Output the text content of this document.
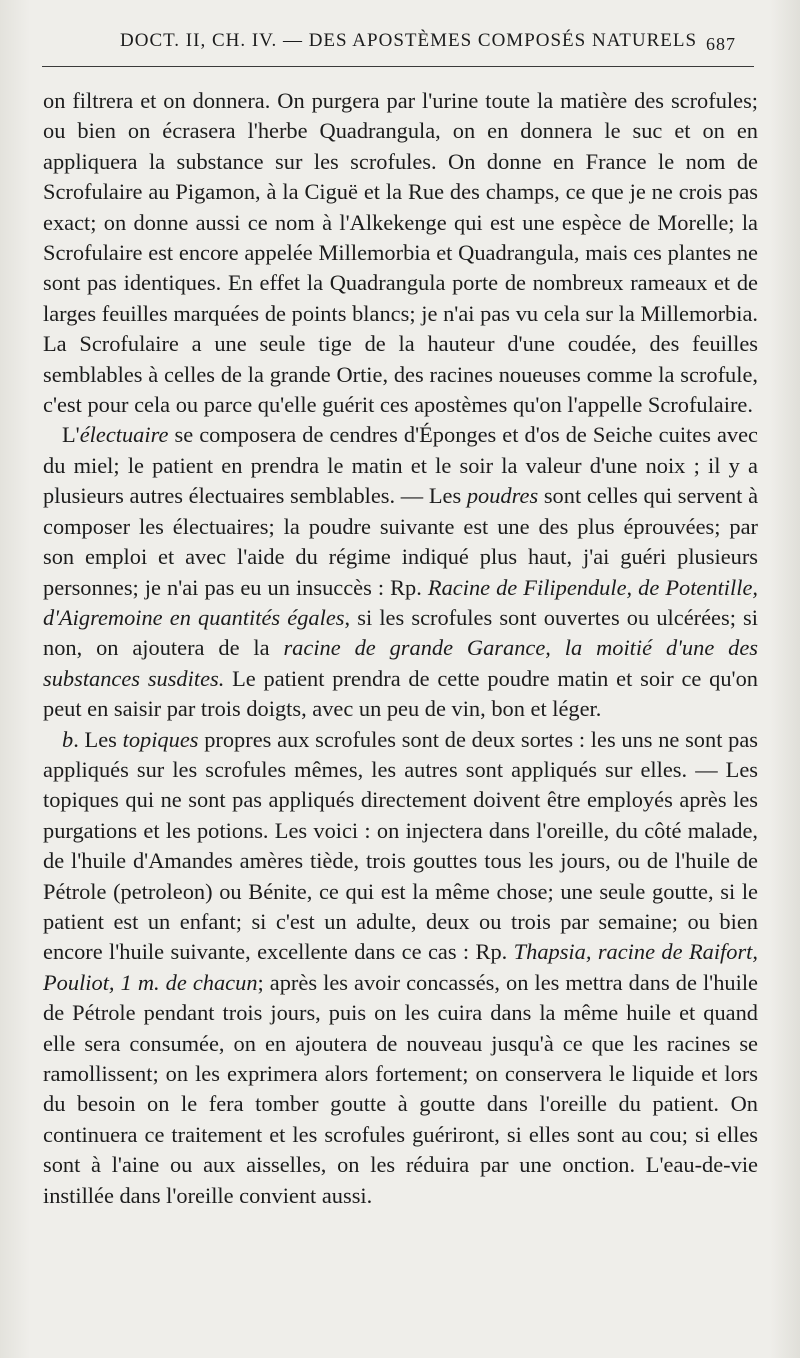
DOCT. II, CH. IV. — DES APOSTÈMES COMPOSÉS NATURELS 687

on filtrera et on donnera. On purgera par l'urine toute la matière des scrofules; ou bien on écrasera l'herbe Quadrangula, on en donnera le suc et on en appliquera la substance sur les scrofules. On donne en France le nom de Scrofulaire au Pigamon, à la Ciguë et la Rue des champs, ce que je ne crois pas exact; on donne aussi ce nom à l'Alkekenge qui est une espèce de Morelle; la Scrofulaire est encore appelée Millemorbia et Quadrangula, mais ces plantes ne sont pas identiques. En effet la Quadrangula porte de nombreux rameaux et de larges feuilles marquées de points blancs; je n'ai pas vu cela sur la Millemorbia. La Scrofulaire a une seule tige de la hauteur d'une coudée, des feuilles semblables à celles de la grande Ortie, des racines noueuses comme la scrofule, c'est pour cela ou parce qu'elle guérit ces apostèmes qu'on l'appelle Scrofulaire.

L'électuaire se composera de cendres d'Éponges et d'os de Seiche cuites avec du miel; le patient en prendra le matin et le soir la valeur d'une noix ; il y a plusieurs autres électuaires semblables. — Les poudres sont celles qui servent à composer les électuaires; la poudre suivante est une des plus éprouvées; par son emploi et avec l'aide du régime indiqué plus haut, j'ai guéri plusieurs personnes; je n'ai pas eu un insuccès : Rp. Racine de Filipendule, de Potentille, d'Aigremoine en quantités égales, si les scrofules sont ouvertes ou ulcérées; si non, on ajoutera de la racine de grande Garance, la moitié d'une des substances susdites. Le patient prendra de cette poudre matin et soir ce qu'on peut en saisir par trois doigts, avec un peu de vin, bon et léger.

b. Les topiques propres aux scrofules sont de deux sortes : les uns ne sont pas appliqués sur les scrofules mêmes, les autres sont appliqués sur elles. — Les topiques qui ne sont pas appliqués directement doivent être employés après les purgations et les potions. Les voici : on injectera dans l'oreille, du côté malade, de l'huile d'Amandes amères tiède, trois gouttes tous les jours, ou de l'huile de Pétrole (petroleon) ou Bénite, ce qui est la même chose; une seule goutte, si le patient est un enfant; si c'est un adulte, deux ou trois par semaine; ou bien encore l'huile suivante, excellente dans ce cas : Rp. Thapsia, racine de Raifort, Pouliot, 1 m. de chacun; après les avoir concassés, on les mettra dans de l'huile de Pétrole pendant trois jours, puis on les cuira dans la même huile et quand elle sera consumée, on en ajoutera de nouveau jusqu'à ce que les racines se ramollissent; on les exprimera alors fortement; on conservera le liquide et lors du besoin on le fera tomber goutte à goutte dans l'oreille du patient. On continuera ce traitement et les scrofules guériront, si elles sont au cou; si elles sont à l'aine ou aux aisselles, on les réduira par une onction. L'eau-de-vie instillée dans l'oreille convient aussi.
